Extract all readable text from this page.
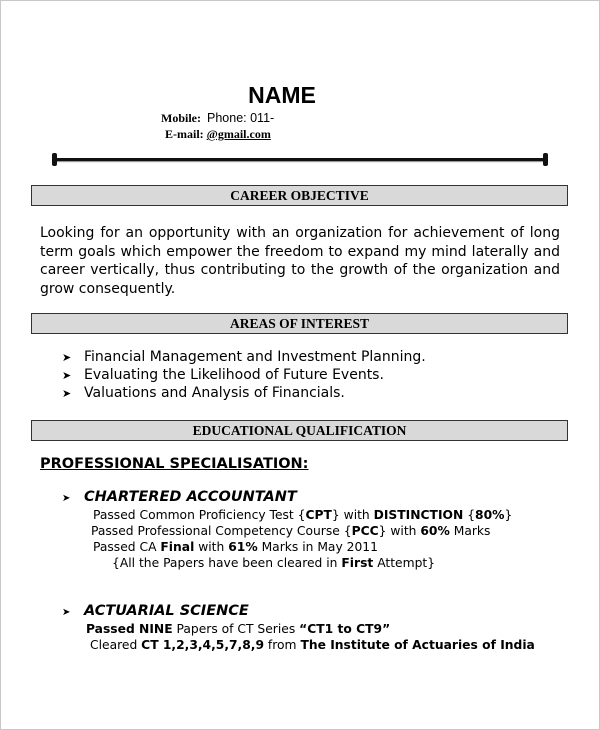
NAME
Mobile: Phone: 011-
E-mail: @gmail.com
CAREER OBJECTIVE
Looking for an opportunity with an organization for achievement of long term goals which empower the freedom to expand my mind laterally and career vertically, thus contributing to the growth of the organization and grow consequently.
AREAS OF INTEREST
➤ Financial Management and Investment Planning.
➤ Evaluating the Likelihood of Future Events.
➤ Valuations and Analysis of Financials.
EDUCATIONAL QUALIFICATION
PROFESSIONAL SPECIALISATION:
➤ CHARTERED ACCOUNTANT
Passed Common Proficiency Test {CPT} with DISTINCTION {80%}
Passed Professional Competency Course {PCC} with 60% Marks
Passed CA Final with 61% Marks in May 2011
{All the Papers have been cleared in First Attempt}
➤ ACTUARIAL SCIENCE
Passed NINE Papers of CT Series “CT1 to CT9”
Cleared CT 1,2,3,4,5,7,8,9 from The Institute of Actuaries of India
